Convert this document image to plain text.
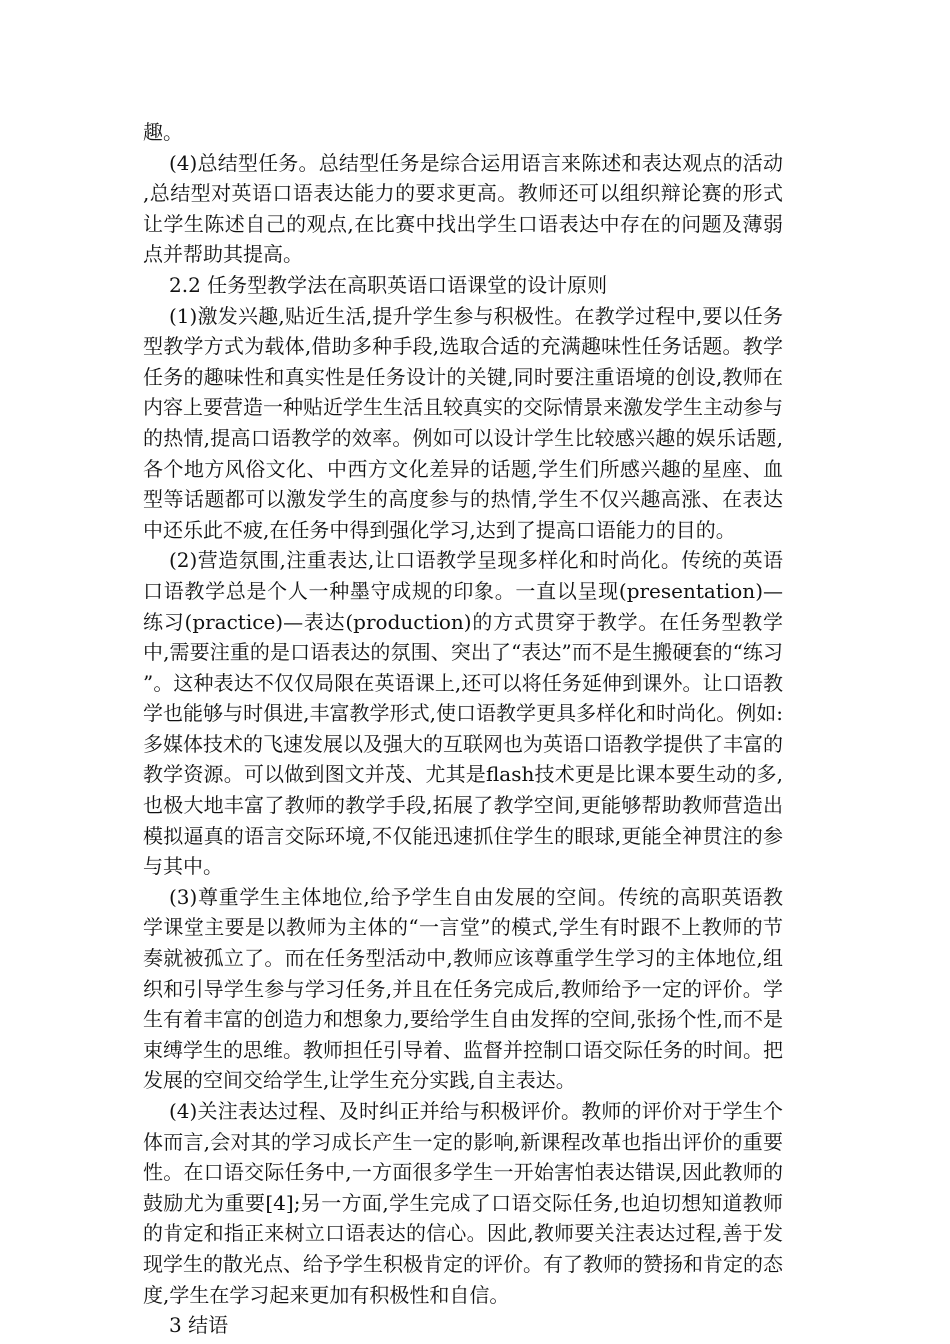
趣。

(4)总结型任务。总结型任务是综合运用语言来陈述和表达观点的活动,总结型对英语口语表达能力的要求更高。教师还可以组织辩论赛的形式让学生陈述自己的观点,在比赛中找出学生口语表达中存在的问题及薄弱点并帮助其提高。

2.2 任务型教学法在高职英语口语课堂的设计原则

(1)激发兴趣,贴近生活,提升学生参与积极性。在教学过程中,要以任务型教学方式为载体,借助多种手段,选取合适的充满趣味性任务话题。教学任务的趣味性和真实性是任务设计的关键,同时要注重语境的创设,教师在内容上要营造一种贴近学生生活且较真实的交际情景来激发学生主动参与的热情,提高口语教学的效率。例如可以设计学生比较感兴趣的娱乐话题,各个地方风俗文化、中西方文化差异的话题,学生们所感兴趣的星座、血型等话题都可以激发学生的高度参与的热情,学生不仅兴趣高涨、在表达中还乐此不疲,在任务中得到强化学习,达到了提高口语能力的目的。

(2)营造氛围,注重表达,让口语教学呈现多样化和时尚化。传统的英语口语教学总是个人一种墨守成规的印象。一直以呈现(presentation)—练习(practice)—表达(production)的方式贯穿于教学。在任务型教学中,需要注重的是口语表达的氛围、突出了“表达”而不是生搬硬套的“练习”。这种表达不仅仅局限在英语课上,还可以将任务延伸到课外。让口语教学也能够与时俱进,丰富教学形式,使口语教学更具多样化和时尚化。例如:多媒体技术的飞速发展以及强大的互联网也为英语口语教学提供了丰富的教学资源。可以做到图文并茂、尤其是flash技术更是比课本要生动的多,也极大地丰富了教师的教学手段,拓展了教学空间,更能够帮助教师营造出模拟逼真的语言交际环境,不仅能迅速抓住学生的眼球,更能全神贯注的参与其中。

(3)尊重学生主体地位,给予学生自由发展的空间。传统的高职英语教学课堂主要是以教师为主体的“一言堂”的模式,学生有时跟不上教师的节奏就被孤立了。而在任务型活动中,教师应该尊重学生学习的主体地位,组织和引导学生参与学习任务,并且在任务完成后,教师给予一定的评价。学生有着丰富的创造力和想象力,要给学生自由发挥的空间,张扬个性,而不是束缚学生的思维。教师担任引导着、监督并控制口语交际任务的时间。把发展的空间交给学生,让学生充分实践,自主表达。

(4)关注表达过程、及时纠正并给与积极评价。教师的评价对于学生个体而言,会对其的学习成长产生一定的影响,新课程改革也指出评价的重要性。在口语交际任务中,一方面很多学生一开始害怕表达错误,因此教师的鼓励尤为重要[4];另一方面,学生完成了口语交际任务,也迫切想知道教师的肯定和指正来树立口语表达的信心。因此,教师要关注表达过程,善于发现学生的散光点、给予学生积极肯定的评价。有了教师的赞扬和肯定的态度,学生在学习起来更加有积极性和自信。

3 结语
